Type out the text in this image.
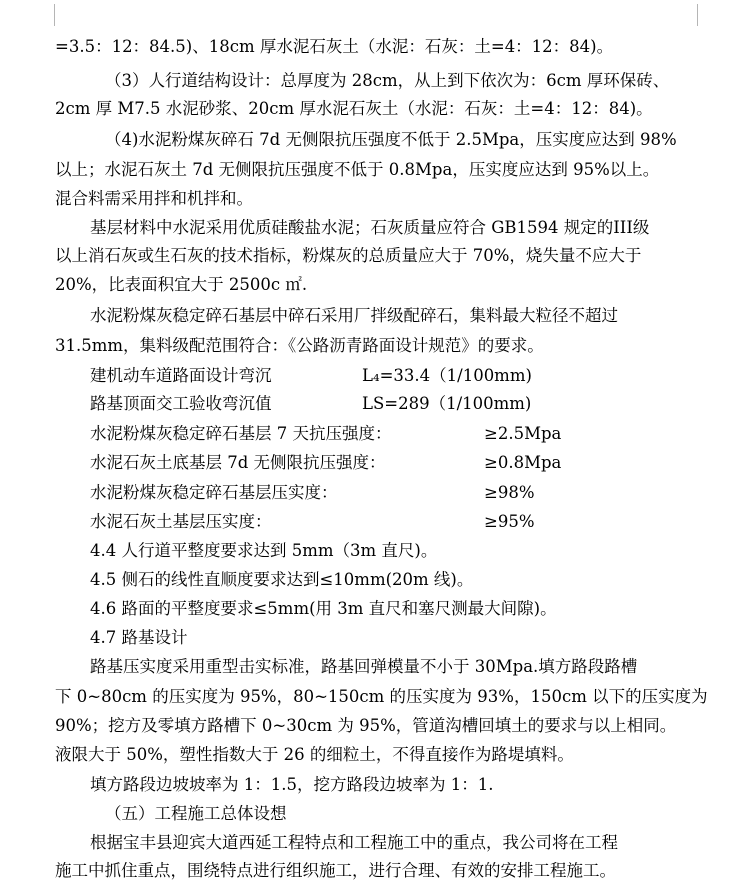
=3.5：12：84.5)、18cm 厚水泥石灰土（水泥：石灰：土=4：12：84)。
（3）人行道结构设计：总厚度为 28cm，从上到下依次为：6cm 厚环保砖、
2cm 厚 M7.5 水泥砂浆、20cm 厚水泥石灰土（水泥：石灰：土=4：12：84)。
（4)水泥粉煤灰碎石 7d 无侧限抗压强度不低于 2.5Mpa，压实度应达到 98%
以上；水泥石灰土 7d 无侧限抗压强度不低于 0.8Mpa，压实度应达到 95%以上。
混合料需采用拌和机拌和。
基层材料中水泥采用优质硅酸盐水泥；石灰质量应符合 GB1594 规定的III级
以上消石灰或生石灰的技术指标，粉煤灰的总质量应大于 70%，烧失量不应大于
20%，比表面积宜大于 2500c ㎡.
水泥粉煤灰稳定碎石基层中碎石采用厂拌级配碎石，集料最大粒径不超过
31.5mm，集料级配范围符合：《公路沥青路面设计规范》的要求。
建机动车道路面设计弯沉	L₄=33.4（1/100mm)
路基顶面交工验收弯沉值	LS=289（1/100mm)
水泥粉煤灰稳定碎石基层 7 天抗压强度：	≥2.5Mpa
水泥石灰土底基层 7d 无侧限抗压强度：	≥0.8Mpa
水泥粉煤灰稳定碎石基层压实度：	≥98%
水泥石灰土基层压实度：	≥95%
4.4 人行道平整度要求达到 5mm（3m 直尺)。
4.5 侧石的线性直顺度要求达到≤10mm(20m 线)。
4.6 路面的平整度要求≤5mm(用 3m 直尺和塞尺测最大间隙)。
4.7 路基设计
路基压实度采用重型击实标准，路基回弹模量不小于 30Mpa.填方路段路槽
下 0~80cm 的压实度为 95%，80~150cm 的压实度为 93%，150cm 以下的压实度为
90%；挖方及零填方路槽下 0~30cm 为 95%，管道沟槽回填土的要求与以上相同。
液限大于 50%，塑性指数大于 26 的细粒土，不得直接作为路堤填料。
填方路段边坡坡率为 1：1.5，挖方路段边坡率为 1：1.
（五）工程施工总体设想
根据宝丰县迎宾大道西延工程特点和工程施工中的重点，我公司将在工程
施工中抓住重点，围绕特点进行组织施工，进行合理、有效的安排工程施工。
